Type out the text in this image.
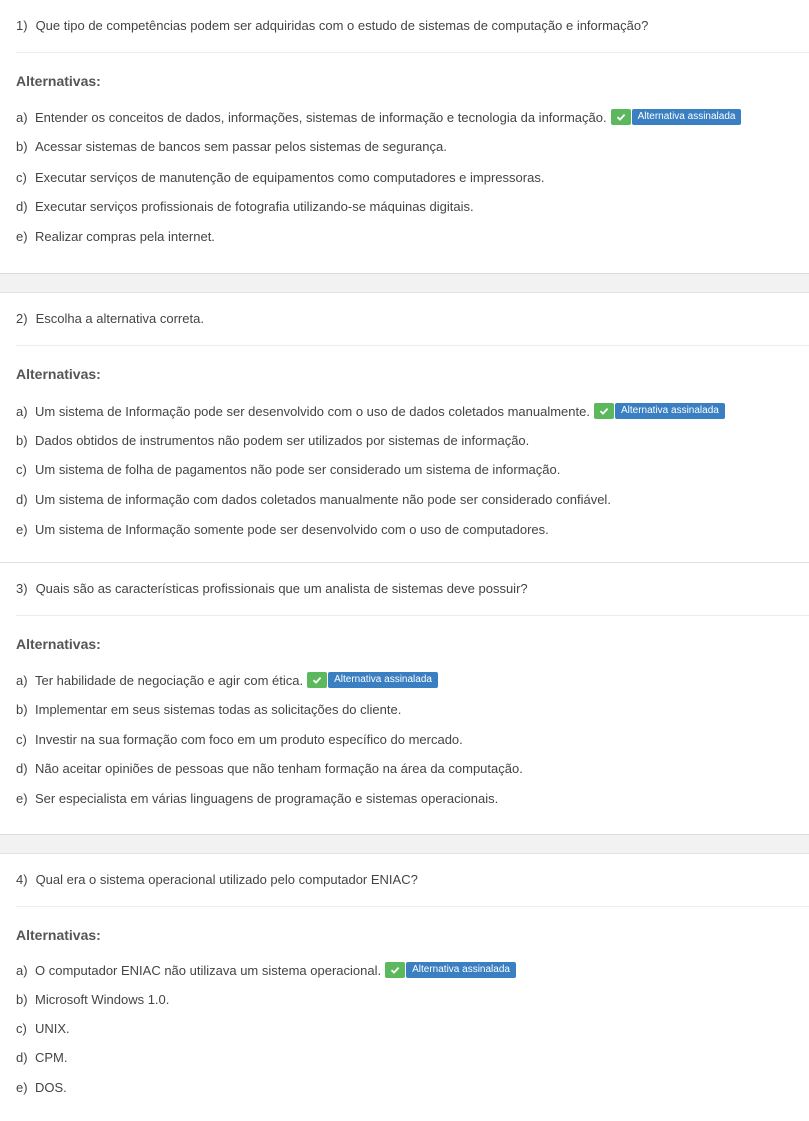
1) Que tipo de competências podem ser adquiridas com o estudo de sistemas de computação e informação?
Alternativas:
a) Entender os conceitos de dados, informações, sistemas de informação e tecnologia da informação.	Alternativa assinalada
b) Acessar sistemas de bancos sem passar pelos sistemas de segurança.
c) Executar serviços de manutenção de equipamentos como computadores e impressoras.
d) Executar serviços profissionais de fotografia utilizando-se máquinas digitais.
e) Realizar compras pela internet.
2) Escolha a alternativa correta.
Alternativas:
a) Um sistema de Informação pode ser desenvolvido com o uso de dados coletados manualmente.	Alternativa assinalada
b) Dados obtidos de instrumentos não podem ser utilizados por sistemas de informação.
c) Um sistema de folha de pagamentos não pode ser considerado um sistema de informação.
d) Um sistema de informação com dados coletados manualmente não pode ser considerado confiável.
e) Um sistema de Informação somente pode ser desenvolvido com o uso de computadores.
3) Quais são as características profissionais que um analista de sistemas deve possuir?
Alternativas:
a) Ter habilidade de negociação e agir com ética.	Alternativa assinalada
b) Implementar em seus sistemas todas as solicitações do cliente.
c) Investir na sua formação com foco em um produto específico do mercado.
d) Não aceitar opiniões de pessoas que não tenham formação na área da computação.
e) Ser especialista em várias linguagens de programação e sistemas operacionais.
4) Qual era o sistema operacional utilizado pelo computador ENIAC?
Alternativas:
a) O computador ENIAC não utilizava um sistema operacional.	Alternativa assinalada
b) Microsoft Windows 1.0.
c) UNIX.
d) CPM.
e) DOS.
